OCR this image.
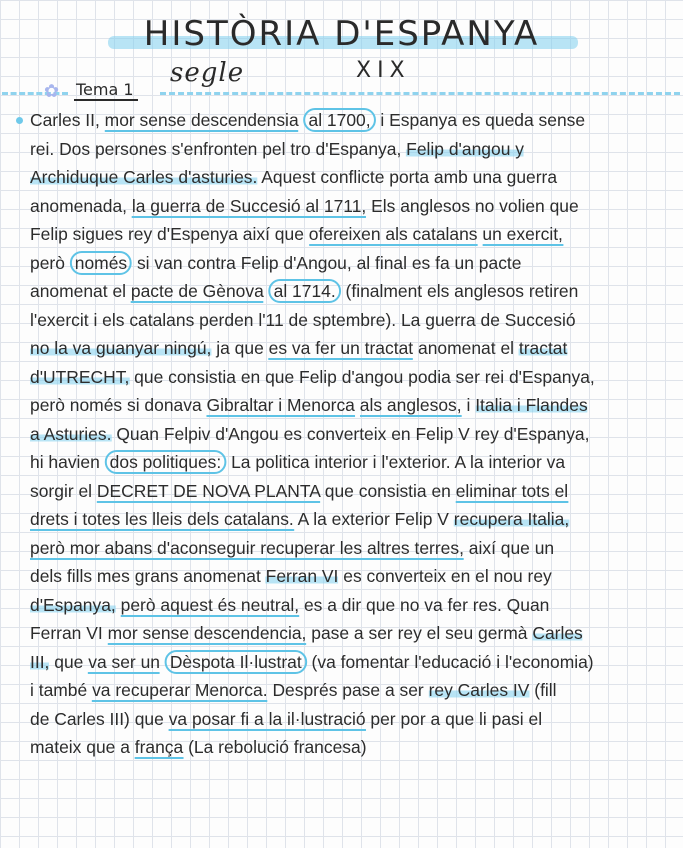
HISTÒRIA D'ESPANYA
segle	XIX
✿ Tema 1
Carles II, mor sense descendensia al 1700, i Espanya es queda sense
rei. Dos persones s'enfronten pel tro d'Espanya, Felip d'angou y
Archiduque Carles d'asturies. Aquest conflicte porta amb una guerra
anomenada, la guerra de Succesió al 1711, Els anglesos no volien que
Felip sigues rey d'Espenya així que ofereixen als catalans un exercit,
però només si van contra Felip d'Angou, al final es fa un pacte
anomenat el pacte de Gènova al 1714. (finalment els anglesos retiren
l'exercit i els catalans perden l'11 de sptembre). La guerra de Succesió
no la va guanyar ningú, ja que es va fer un tractat anomenat el tractat
d'UTRECHT, que consistia en que Felip d'angou podia ser rei d'Espanya,
però només si donava Gibraltar i Menorca als anglesos, i Italia i Flandes
a Asturies. Quan Felpiv d'Angou es converteix en Felip V rey d'Espanya,
hi havien dos politiques: La politica interior i l'exterior. A la interior va
sorgir el DECRET DE NOVA PLANTA que consistia en eliminar tots el
drets i totes les lleis dels catalans. A la exterior Felip V recupera Italia,
però mor abans d'aconseguir recuperar les altres terres, així que un
dels fills mes grans anomenat Ferran VI es converteix en el nou rey
d'Espanya, però aquest és neutral, es a dir que no va fer res. Quan
Ferran VI mor sense descendencia, pase a ser rey el seu germà Carles
III, que va ser un Dèspota Il·lustrat (va fomentar l'educació i l'economia)
i també va recuperar Menorca. Després pase a ser rey Carles IV (fill
de Carles III) que va posar fi a la il·lustració per por a que li pasi el
mateix que a frança (La rebolució francesa)
